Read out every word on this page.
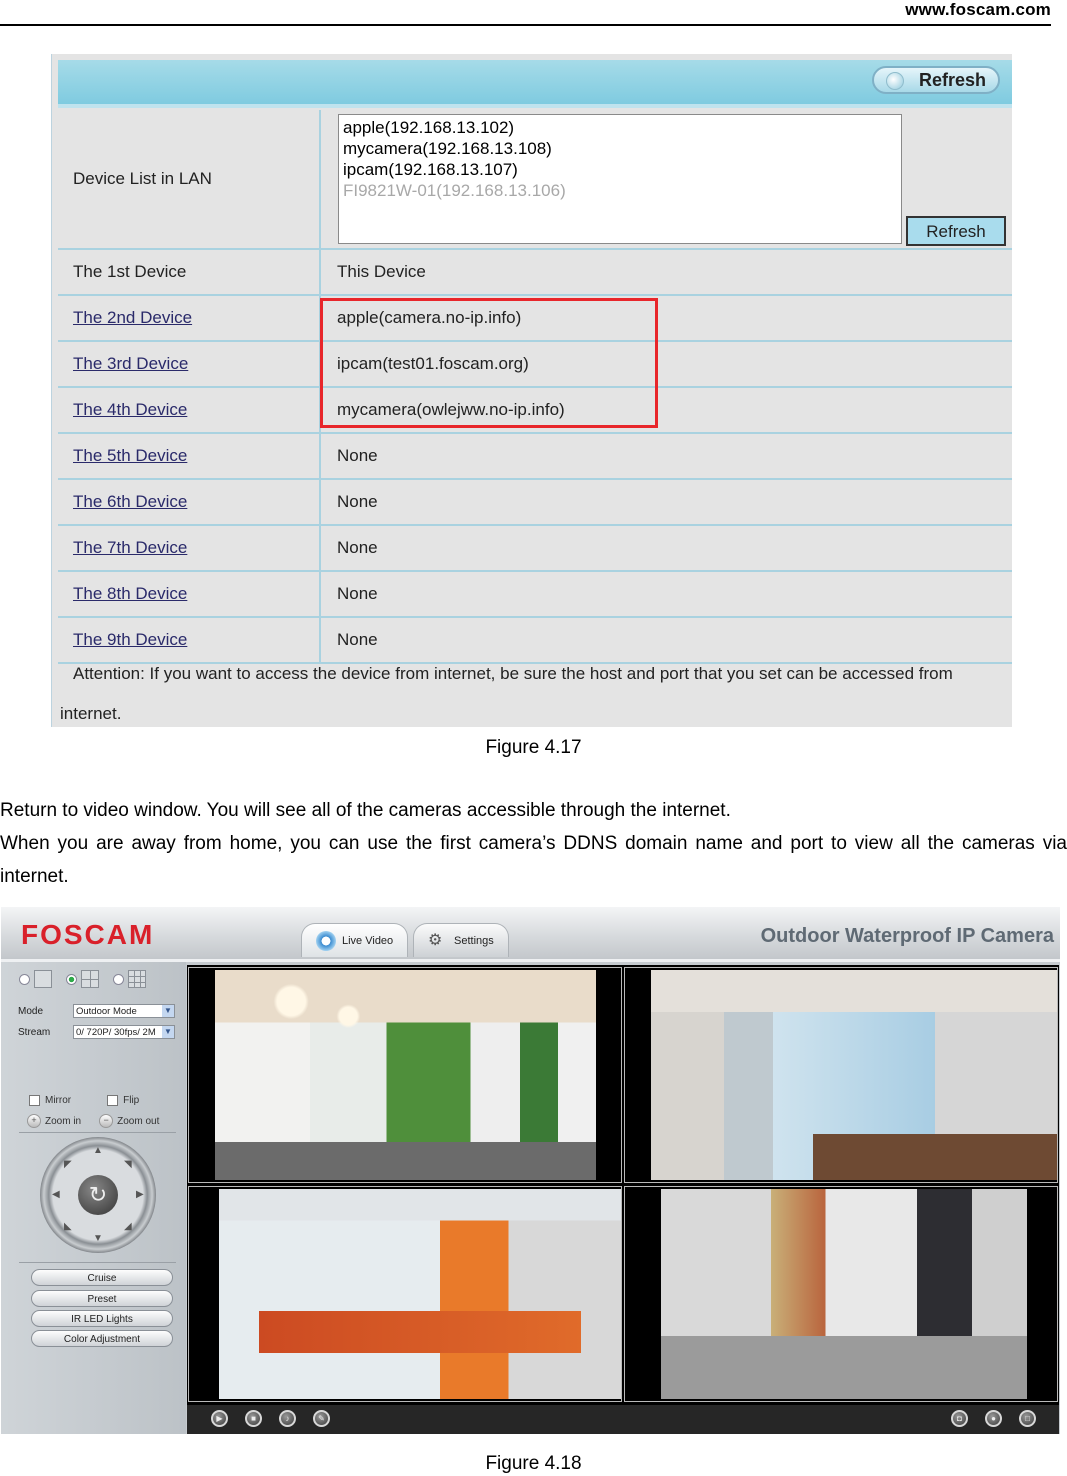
www.foscam.com
Refresh
Device List in LAN
apple(192.168.13.102)
mycamera(192.168.13.108)
ipcam(192.168.13.107)
FI9821W-01(192.168.13.106)
Refresh
The 1st Device	This Device
The 2nd Device	apple(camera.no-ip.info)
The 3rd Device	ipcam(test01.foscam.org)
The 4th Device	mycamera(owlejww.no-ip.info)
The 5th Device	None
The 6th Device	None
The 7th Device	None
The 8th Device	None
The 9th Device	None
Attention: If you want to access the device from internet, be sure the host and port that you set can be accessed from
internet.
Figure 4.17

Return to video window. You will see all of the cameras accessible through the internet.

When you are away from home, you can use the first camera’s DDNS domain name and port to view all the cameras via internet.

FOSCAM	Live Video ⚙	Settings	Outdoor Waterproof IP Camera
Mode	Outdoor Mode	▼
Stream	0/ 720P/ 30fps/ 2M ▼
Mirror	Flip
+ Zoom in	− Zoom out
▲
▼
◀	▶
◤	◥
◣	◢
↻
Cruise
Preset
IR LED Lights
Color Adjustment
▶	■	♪	✎	◘	●	□
Figure 4.18
